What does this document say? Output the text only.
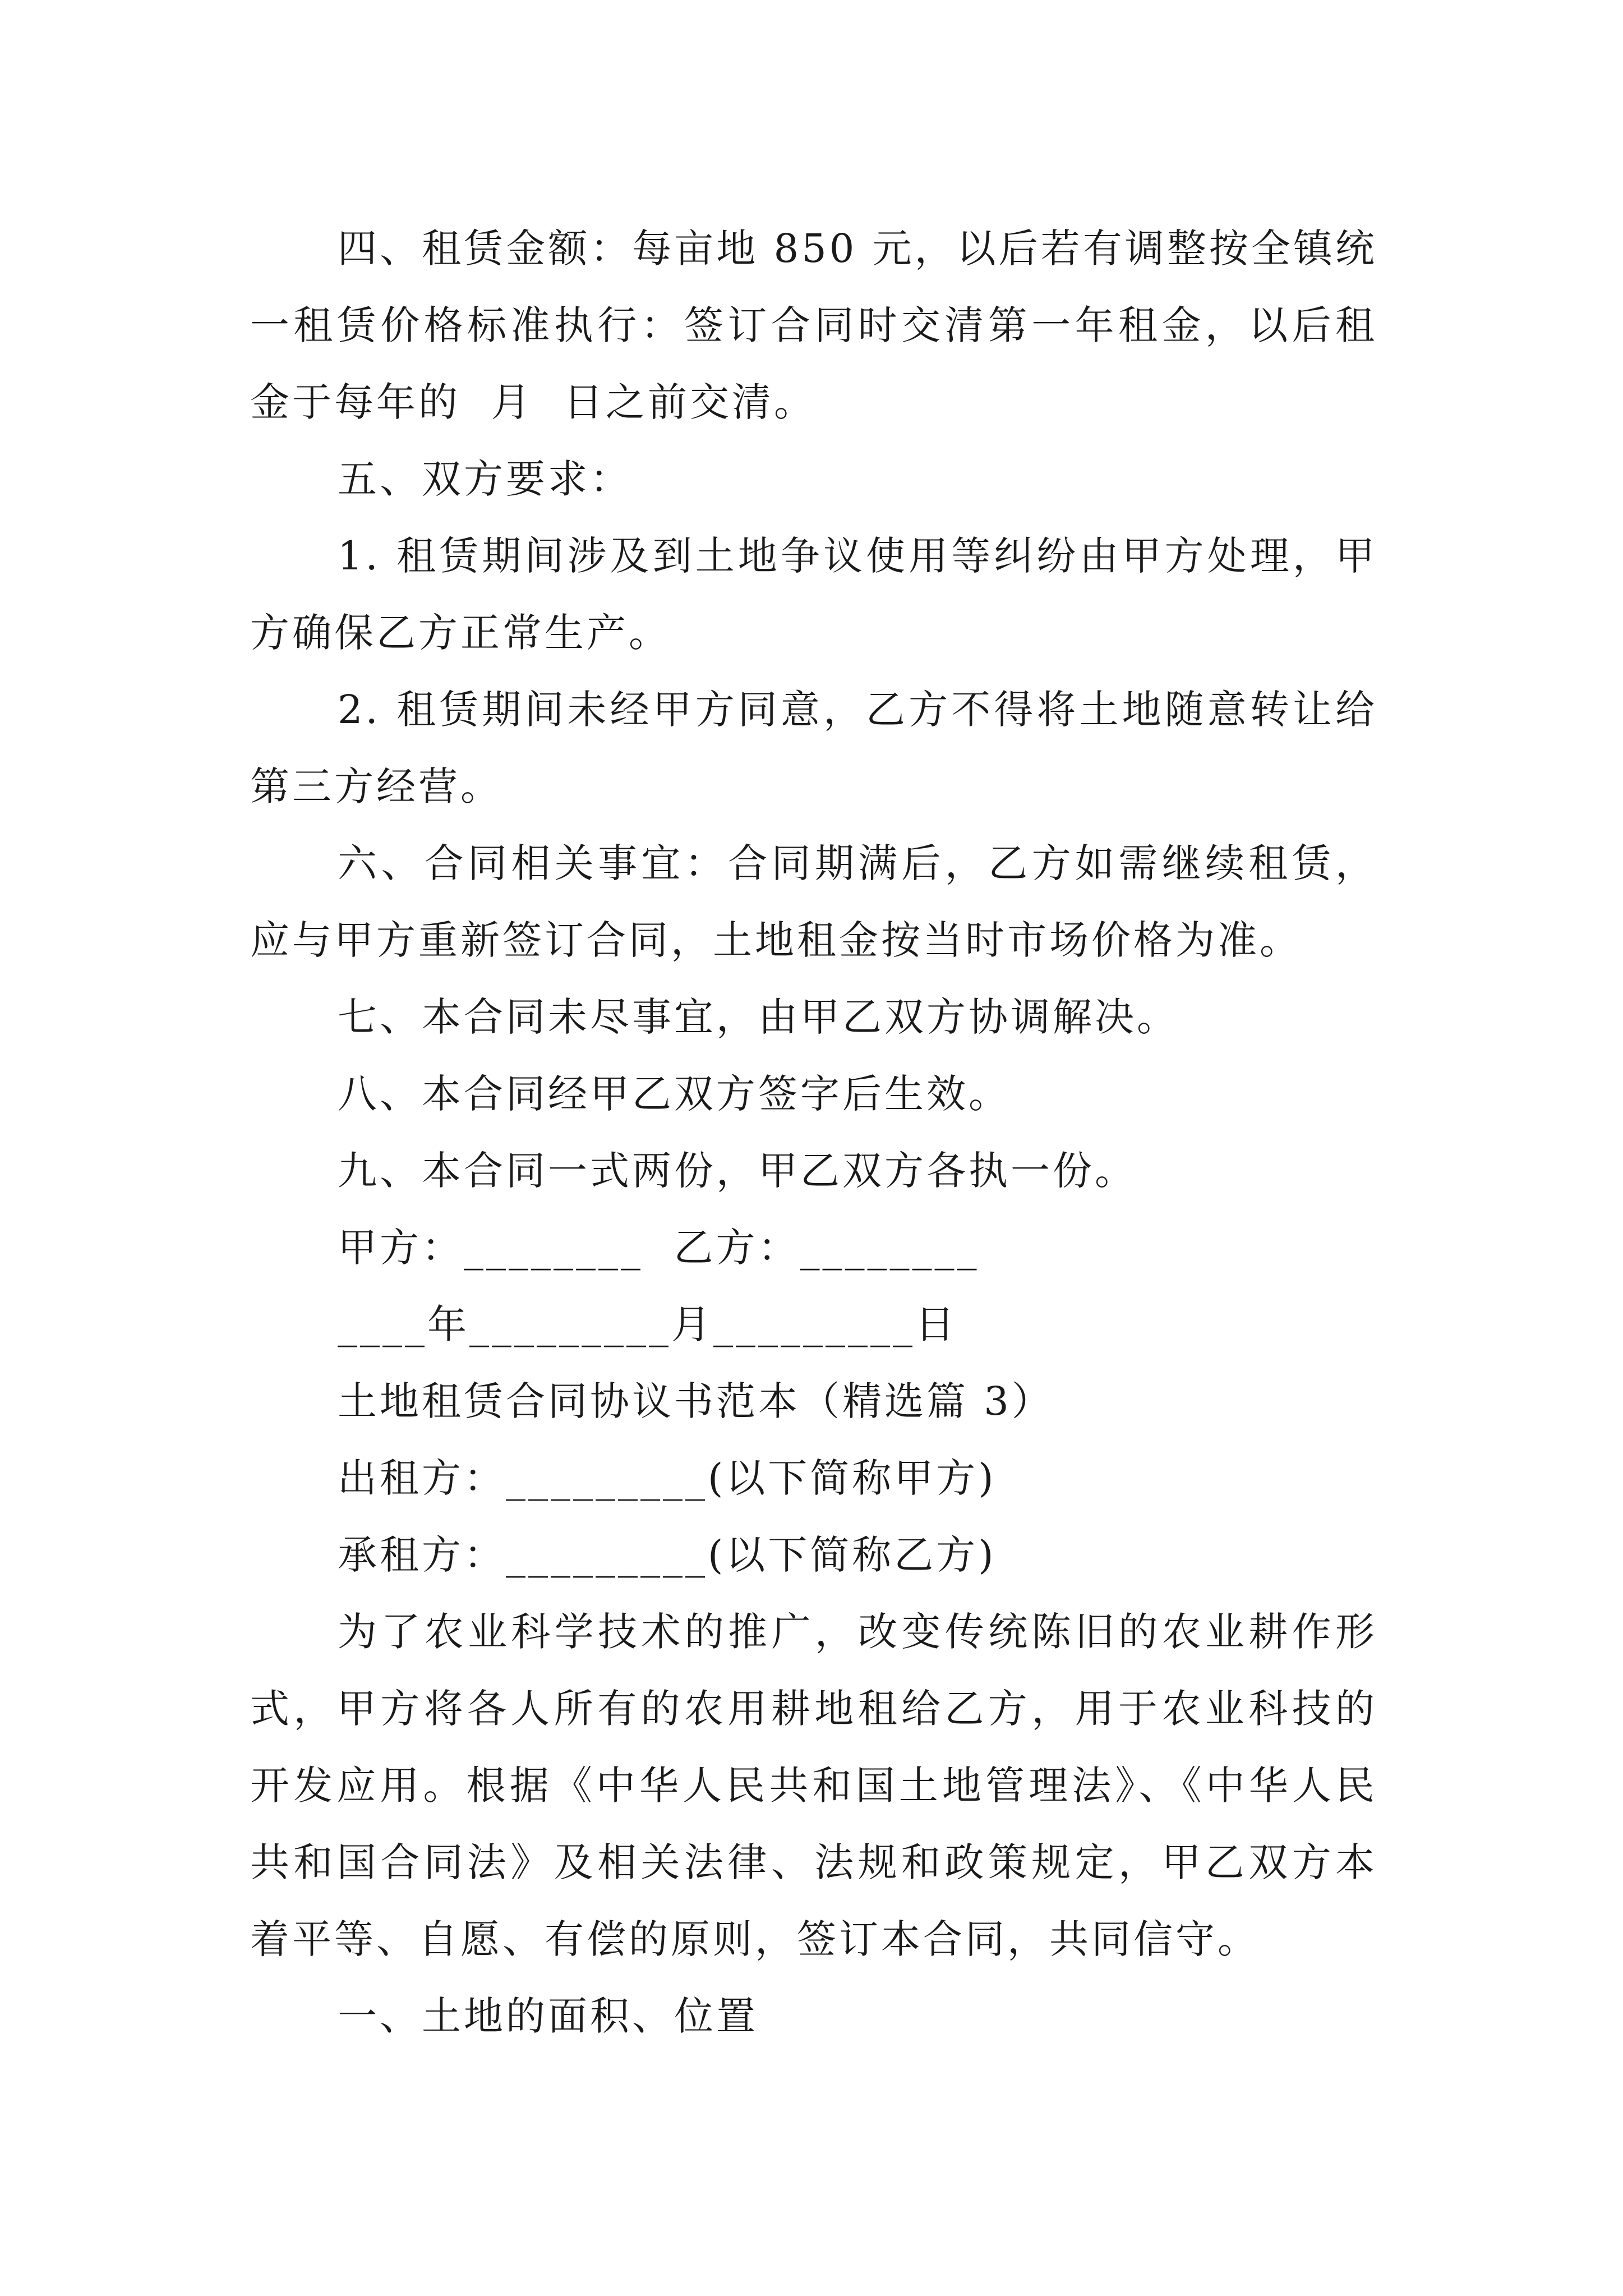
四、租赁金额：每亩地 850 元，以后若有调整按全镇统一租赁价格标准执行：签订合同时交清第一年租金，以后租金于每年的  月  日之前交清。

五、双方要求：

1. 租赁期间涉及到土地争议使用等纠纷由甲方处理，甲方确保乙方正常生产。

2. 租赁期间未经甲方同意，乙方不得将土地随意转让给第三方经营。

六、合同相关事宜：合同期满后，乙方如需继续租赁，应与甲方重新签订合同，土地租金按当时市场价格为准。

七、本合同未尽事宜，由甲乙双方协调解决。

八、本合同经甲乙双方签字后生效。

九、本合同一式两份，甲乙双方各执一份。

甲方：________  乙方：________

____年_________月_________日

土地租赁合同协议书范本（精选篇 3）

出租方：_________(以下简称甲方)

承租方：_________(以下简称乙方)

为了农业科学技术的推广，改变传统陈旧的农业耕作形式，甲方将各人所有的农用耕地租给乙方，用于农业科技的开发应用。根据《中华人民共和国土地管理法》、《中华人民共和国合同法》及相关法律、法规和政策规定，甲乙双方本着平等、自愿、有偿的原则，签订本合同，共同信守。

一、土地的面积、位置
